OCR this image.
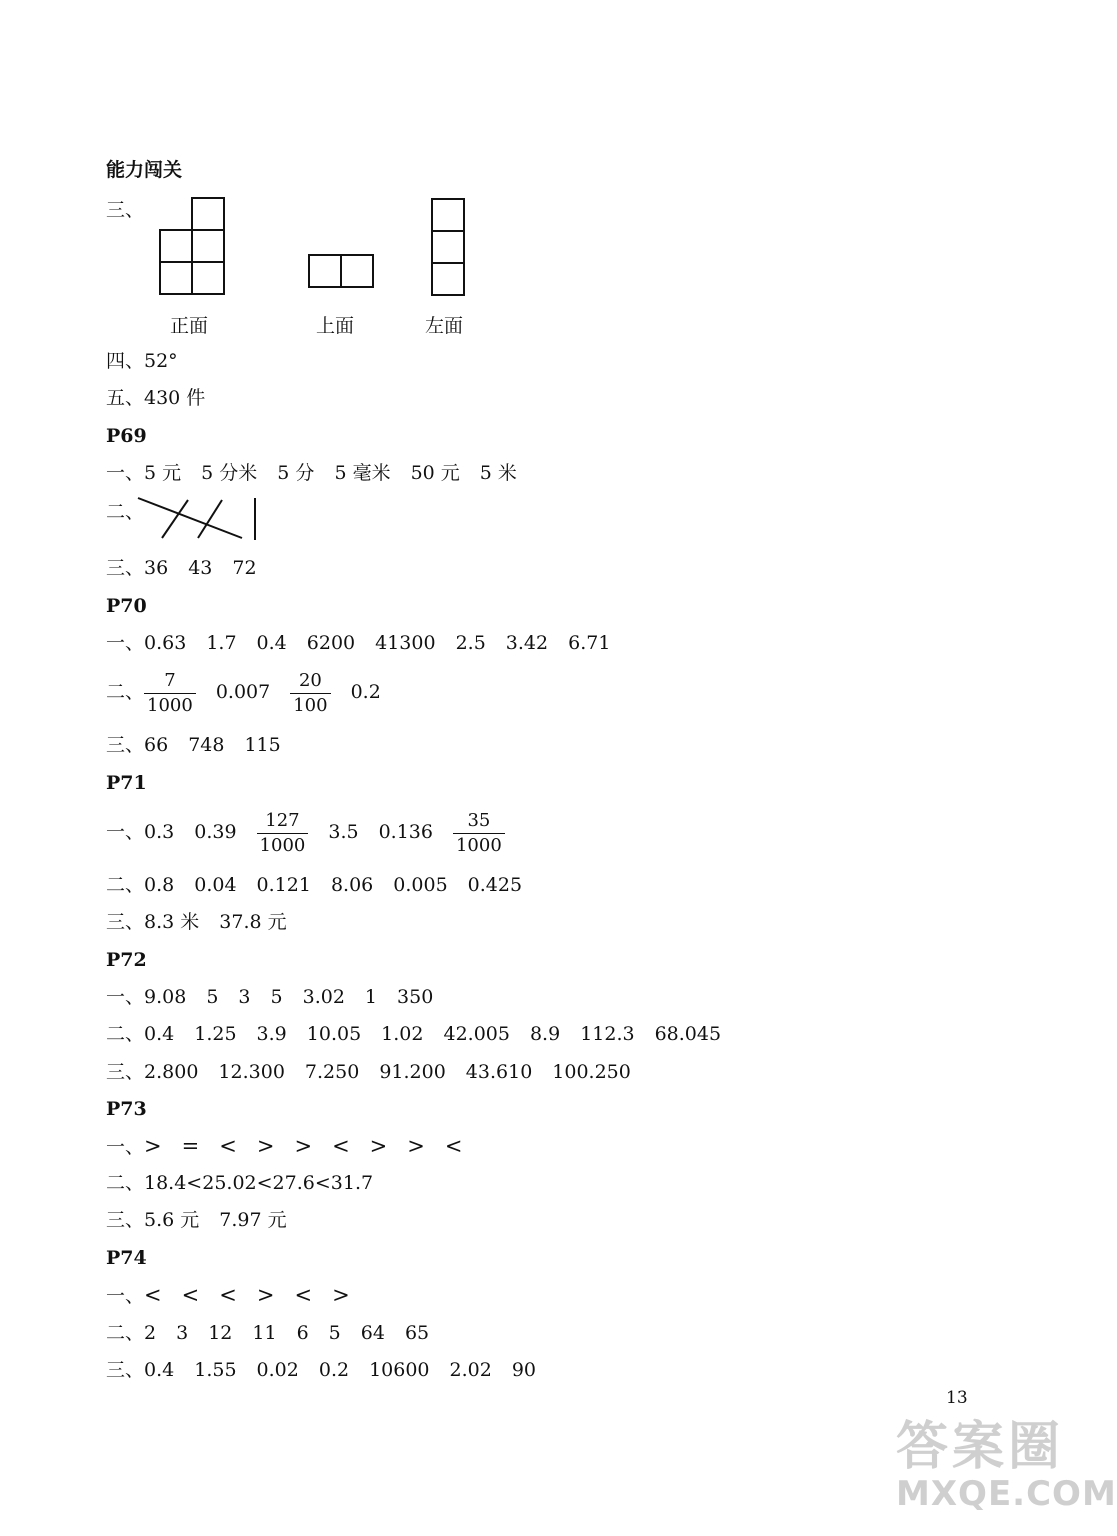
能力闯关
三、
正面	上面	左面
四、52°
五、430 件
P69
一、5 元 5 分米 5 分 5 毫米 50 元 5 米
二、
三、36 43 72
P70
一、0.63 1.7 0.4 6200 41300 2.5 3.42 6.71
二、 $\frac{7}{1000} 0.007 \frac{20}{100} 0.2$
三、66 748 115
P71
一、0.3 $0.39 \frac{127}{1000} 3.5$ $0.136 \frac{35}{1000}$
二、0.8 0.04 0.121 8.06 0.005 0.425
三、8.3 米 37.8 元
P72
一、9.08 5 3 5 3.02 1 350
二、0.4 1.25 3.9 10.05 1.02 42.005 8.9 112.3 68.045
三、2.800 12.300 7.250 91.200 43.610 100.250
P73
一、> = < > > < > > <
二、18.4<25.02<27.6<31.7
三、5.6 元 7.97 元
P74
一、< < < > < >
二、2 3 12 11 6 5 64 65
三、0.4 1.55 0.02 0.2 10600 2.02 90
13
答案圈
MXQE.COM
